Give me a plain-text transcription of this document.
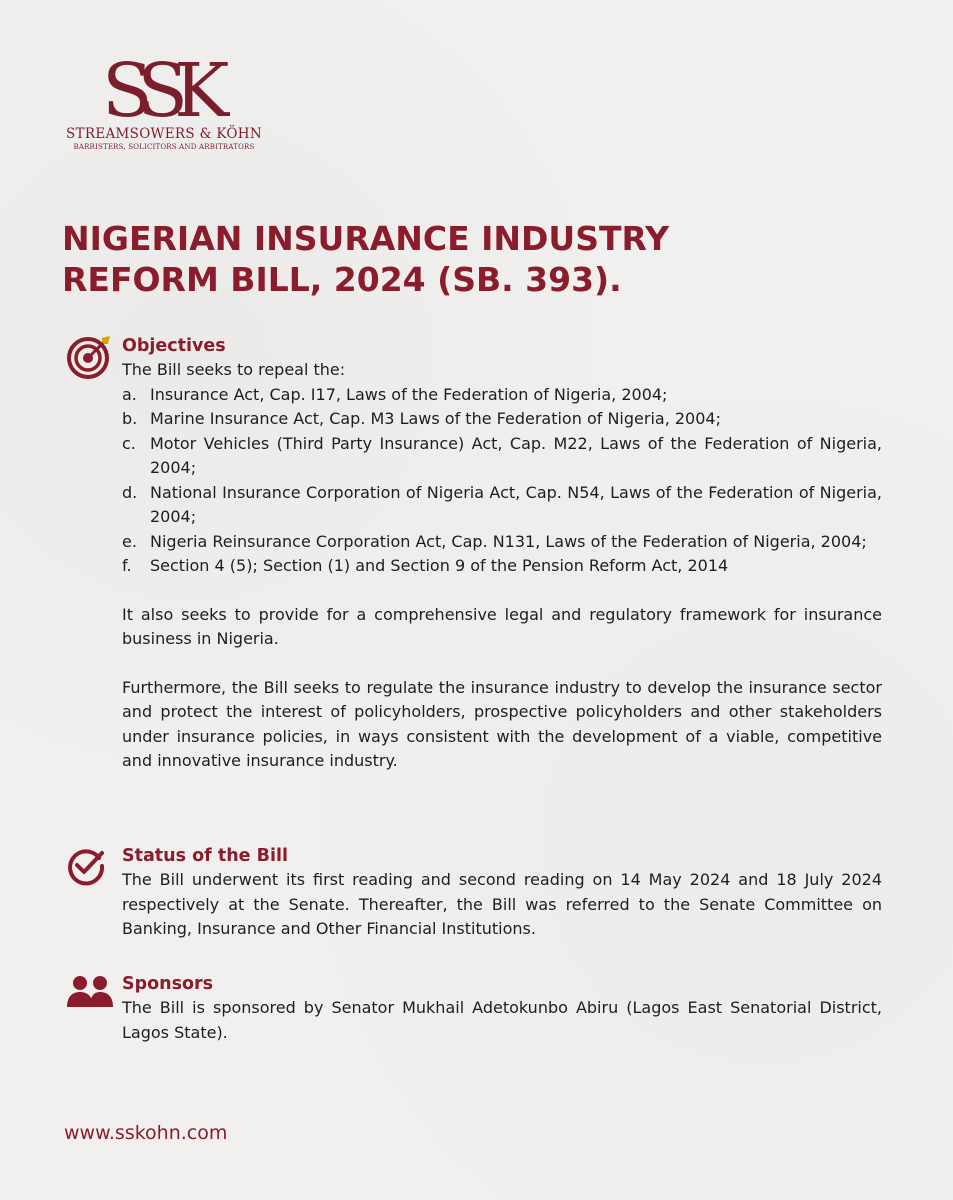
SSK
STREAMSOWERS & KÖHN
BARRISTERS, SOLICITORS AND ARBITRATORS
NIGERIAN INSURANCE INDUSTRY
REFORM BILL, 2024 (SB. 393).
Objectives

The Bill seeks to repeal the:

a. Insurance Act, Cap. I17, Laws of the Federation of Nigeria, 2004;
b. Marine Insurance Act, Cap. M3 Laws of the Federation of Nigeria, 2004;
c. Motor Vehicles (Third Party Insurance) Act, Cap. M22, Laws of the Federation of Nigeria, 2004;
d. National Insurance Corporation of Nigeria Act, Cap. N54, Laws of the Federation of Nigeria, 2004;
e. Nigeria Reinsurance Corporation Act, Cap. N131, Laws of the Federation of Nigeria, 2004;
f. Section 4 (5); Section (1) and Section 9 of the Pension Reform Act, 2014

It also seeks to provide for a comprehensive legal and regulatory framework for insurance business in Nigeria.

Furthermore, the Bill seeks to regulate the insurance industry to develop the insurance sector and protect the interest of policyholders, prospective policyholders and other stakeholders under insurance policies, in ways consistent with the development of a viable, competitive and innovative insurance industry.

Status of the Bill

The Bill underwent its first reading and second reading on 14 May 2024 and 18 July 2024 respectively at the Senate. Thereafter, the Bill was referred to the Senate Committee on Banking, Insurance and Other Financial Institutions.

Sponsors

The Bill is sponsored by Senator Mukhail Adetokunbo Abiru (Lagos East Senatorial District, Lagos State).

www.sskohn.com
